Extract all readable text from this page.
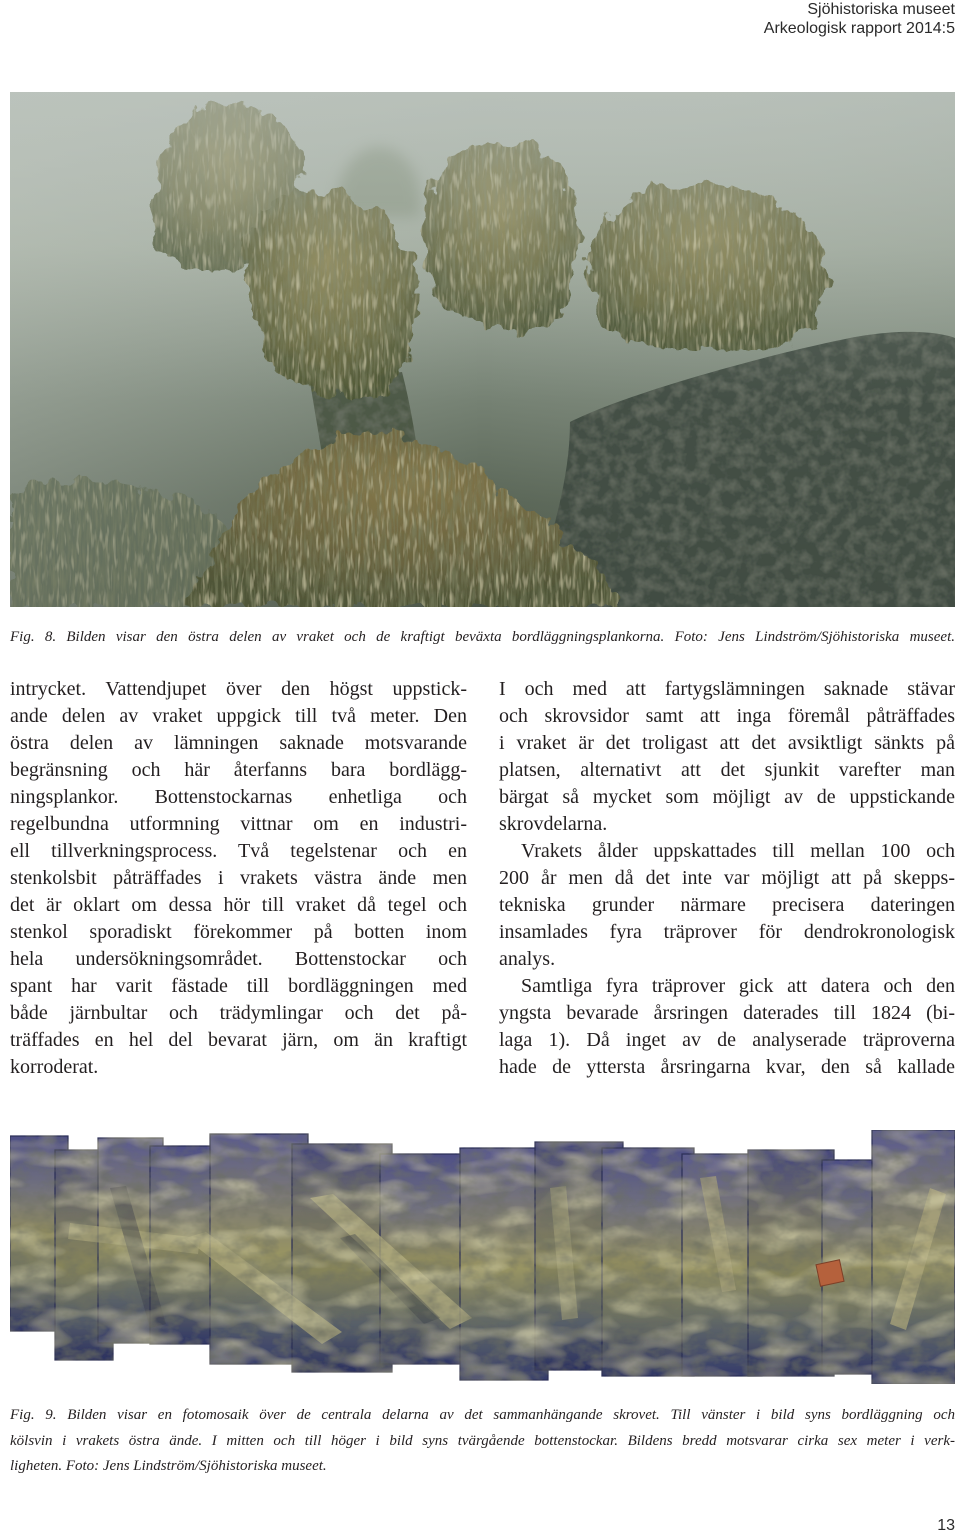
Sjöhistoriska museet
Arkeologisk rapport 2014:5
Fig. 8. Bilden visar den östra delen av vraket och de kraftigt beväxta bordläggningsplankorna. Foto: Jens Lindström/Sjöhistoriska museet.
intrycket. Vattendjupet över den högst uppstick-
ande delen av vraket uppgick till två meter. Den
östra delen av lämningen saknade motsvarande
begränsning och här återfanns bara bordlägg-
ningsplankor. Bottenstockarnas enhetliga och
regelbundna utformning vittnar om en industri-
ell tillverkningsprocess. Två tegelstenar och en
stenkolsbit påträffades i vrakets västra ände men
det är oklart om dessa hör till vraket då tegel och
stenkol sporadiskt förekommer på botten inom
hela undersökningsområdet. Bottenstockar och
spant har varit fästade till bordläggningen med
både järnbultar och trädymlingar och det på-
träffades en hel del bevarat järn, om än kraftigt
korroderat.
I och med att fartygslämningen saknade stävar
och skrovsidor samt att inga föremål påträffades
i vraket är det troligast att det avsiktligt sänkts på
platsen, alternativt att det sjunkit varefter man
bärgat så mycket som möjligt av de uppstickande
skrovdelarna.
Vrakets ålder uppskattades till mellan 100 och
200 år men då det inte var möjligt att på skepps-
tekniska grunder närmare precisera dateringen
insamlades fyra träprover för dendrokronologisk
analys.
Samtliga fyra träprover gick att datera och den
yngsta bevarade årsringen daterades till 1824 (bi-
laga 1). Då inget av de analyserade träproverna
hade de yttersta årsringarna kvar, den så kallade
Fig. 9. Bilden visar en fotomosaik över de centrala delarna av det sammanhängande skrovet. Till vänster i bild syns bordläggning och
kölsvin i vrakets östra ände. I mitten och till höger i bild syns tvärgående bottenstockar. Bildens bredd motsvarar cirka sex meter i verk-
ligheten. Foto: Jens Lindström/Sjöhistoriska museet.
13
